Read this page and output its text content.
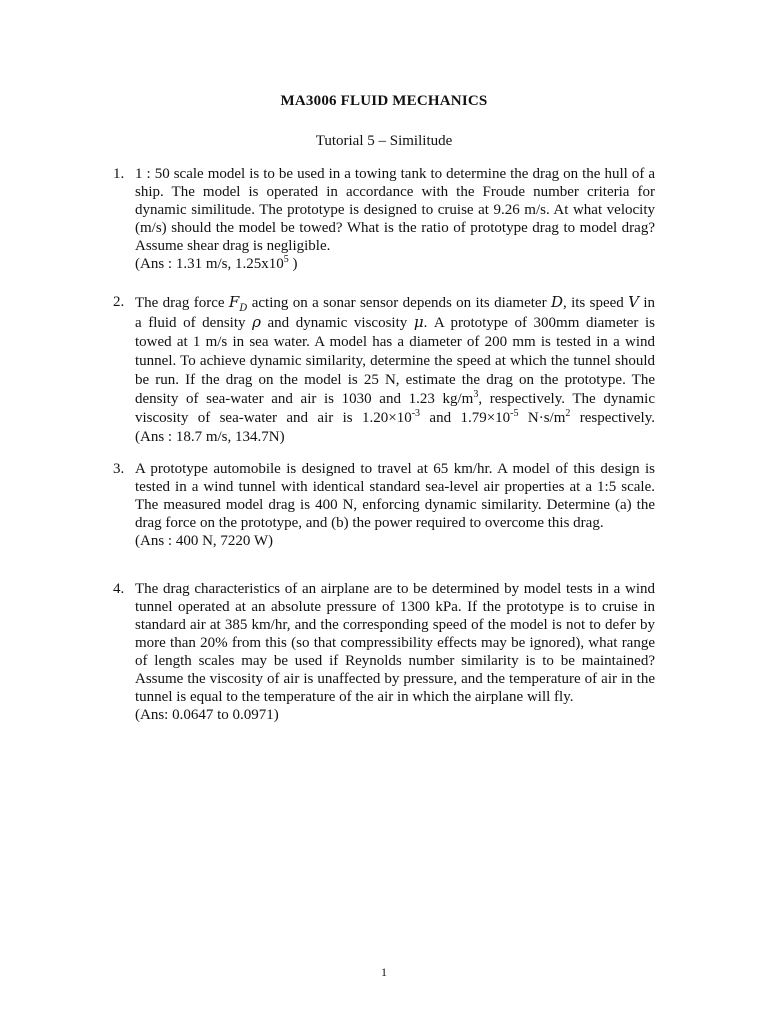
MA3006 FLUID MECHANICS
Tutorial 5 – Similitude
1. 1 : 50 scale model is to be used in a towing tank to determine the drag on the hull of a
ship. The model is operated in accordance with the Froude number criteria for
dynamic similitude. The prototype is designed to cruise at 9.26 m/s. At what velocity
(m/s) should the model be towed? What is the ratio of prototype drag to model drag?
Assume shear drag is negligible.
(Ans : 1.31 m/s, $1.25x10^5$ )
2. The drag force $F_D$ acting on a sonar sensor depends on its diameter D, its speed V in
a fluid of density ρ and dynamic viscosity μ. A prototype of 300mm diameter is
towed at 1 m/s in sea water. A model has a diameter of 200 mm is tested in a wind
tunnel. To achieve dynamic similarity, determine the speed at which the tunnel should
be run. If the drag on the model is 25 N, estimate the drag on the prototype. The
density of sea-water and air is 1030 and 1.23 $kg/m^3$, respectively. The dynamic
viscosity of sea-water and air is $1.20\times 10^{-3}$ and $1.79\times 10^{-5}$ $N\cdot s/m^2$ respectively.
(Ans : 18.7 m/s, 134.7N)
3. A prototype automobile is designed to travel at 65 km/hr. A model of this design is
tested in a wind tunnel with identical standard sea-level air properties at a 1:5 scale.
The measured model drag is 400 N, enforcing dynamic similarity. Determine (a) the
drag force on the prototype, and (b) the power required to overcome this drag.
(Ans : 400 N, 7220 W)
4. The drag characteristics of an airplane are to be determined by model tests in a wind
tunnel operated at an absolute pressure of 1300 kPa. If the prototype is to cruise in
standard air at 385 km/hr, and the corresponding speed of the model is not to defer by
more than 20% from this (so that compressibility effects may be ignored), what range
of length scales may be used if Reynolds number similarity is to be maintained?
Assume the viscosity of air is unaffected by pressure, and the temperature of air in the
tunnel is equal to the temperature of the air in which the airplane will fly.
(Ans: 0.0647 to 0.0971)
1
